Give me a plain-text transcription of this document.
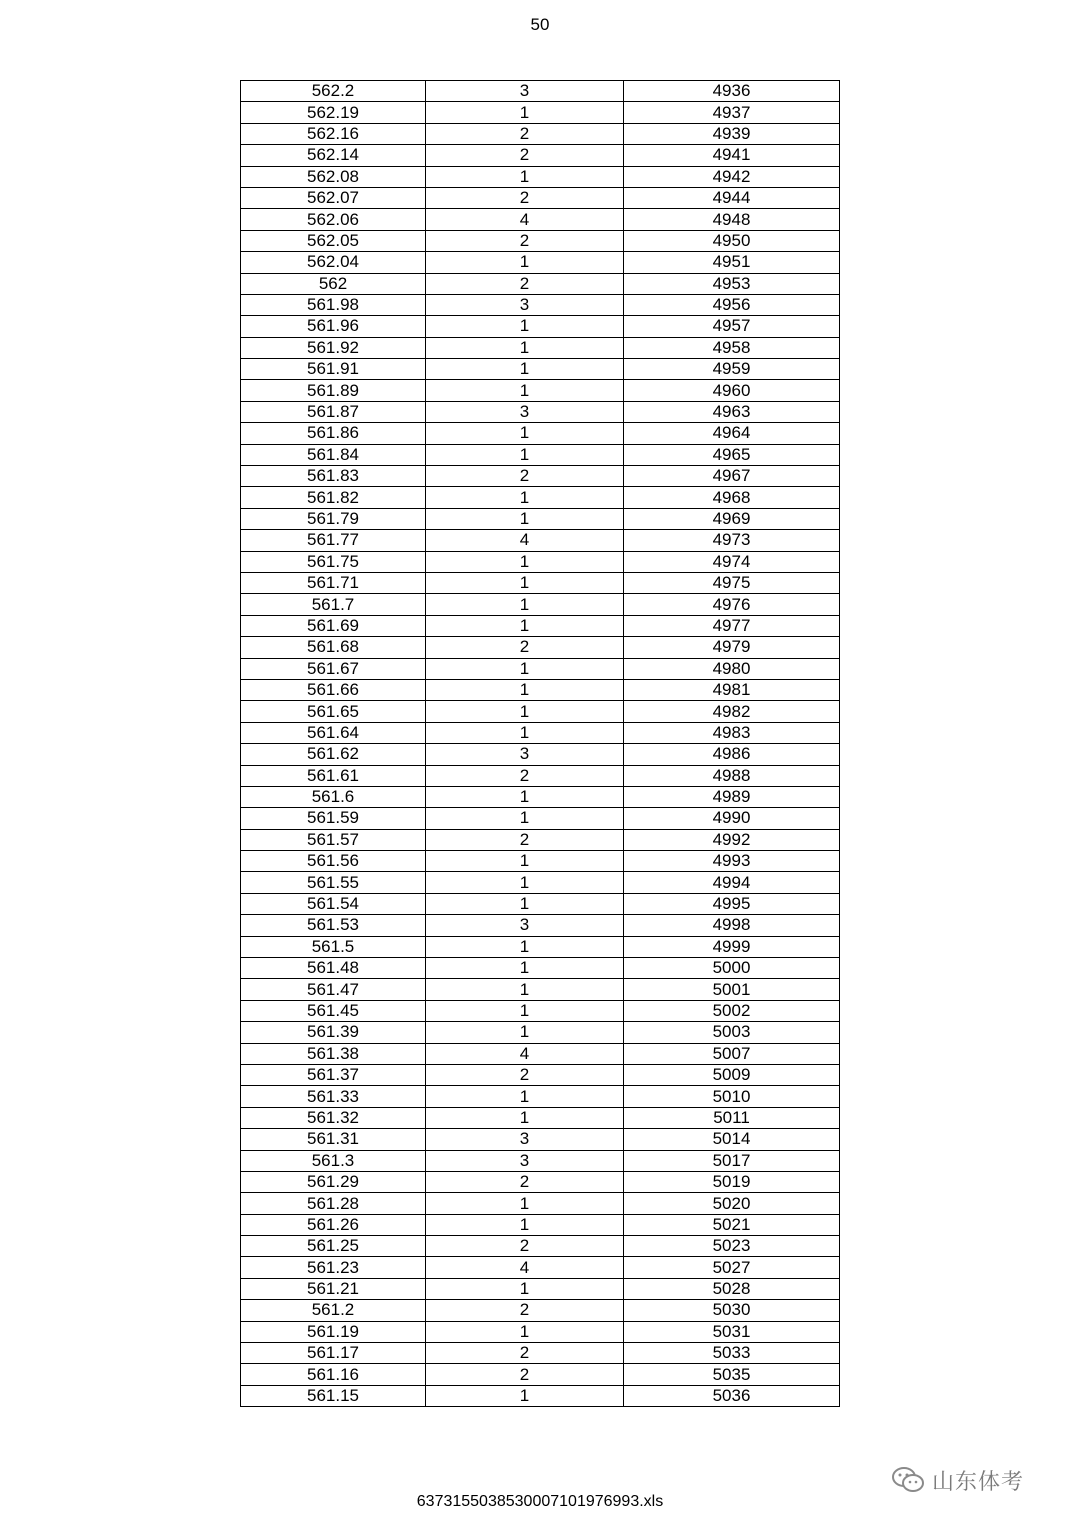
50
562.2	3	4936
562.19	1	4937
562.16	2	4939
562.14	2	4941
562.08	1	4942
562.07	2	4944
562.06	4	4948
562.05	2	4950
562.04	1	4951
562	2	4953
561.98	3	4956
561.96	1	4957
561.92	1	4958
561.91	1	4959
561.89	1	4960
561.87	3	4963
561.86	1	4964
561.84	1	4965
561.83	2	4967
561.82	1	4968
561.79	1	4969
561.77	4	4973
561.75	1	4974
561.71	1	4975
561.7	1	4976
561.69	1	4977
561.68	2	4979
561.67	1	4980
561.66	1	4981
561.65	1	4982
561.64	1	4983
561.62	3	4986
561.61	2	4988
561.6	1	4989
561.59	1	4990
561.57	2	4992
561.56	1	4993
561.55	1	4994
561.54	1	4995
561.53	3	4998
561.5	1	4999
561.48	1	5000
561.47	1	5001
561.45	1	5002
561.39	1	5003
561.38	4	5007
561.37	2	5009
561.33	1	5010
561.32	1	5011
561.31	3	5014
561.3	3	5017
561.29	2	5019
561.28	1	5020
561.26	1	5021
561.25	2	5023
561.23	4	5027
561.21	1	5028
561.2	2	5030
561.19	1	5031
561.17	2	5033
561.16	2	5035
561.15	1	5036
山东体考
637315503853000710197699​3.xls
